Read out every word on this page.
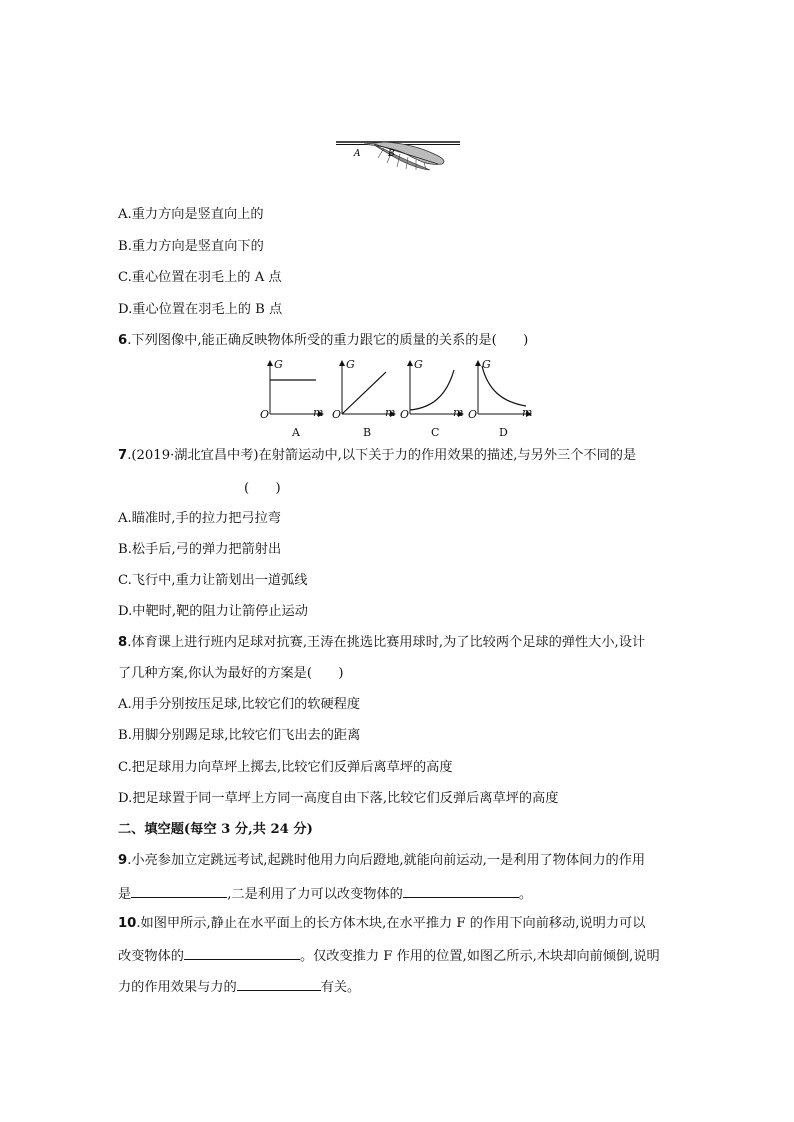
A	B
A.重力方向是竖直向上的
B.重力方向是竖直向下的
C.重心位置在羽毛上的 A 点
D.重心位置在羽毛上的 B 点
6.下列图像中,能正确反映物体所受的重力跟它的质量的关系的是(　　)
G
O	m
A
G
O	m
B
G
O	m
C
G
O	m
D
7.(2019·湖北宜昌中考)在射箭运动中,以下关于力的作用效果的描述,与另外三个不同的是
(　　)
A.瞄准时,手的拉力把弓拉弯
B.松手后,弓的弹力把箭射出
C.飞行中,重力让箭划出一道弧线
D.中靶时,靶的阻力让箭停止运动
8.体育课上进行班内足球对抗赛,王涛在挑选比赛用球时,为了比较两个足球的弹性大小,设计
了几种方案,你认为最好的方案是(　　)
A.用手分别按压足球,比较它们的软硬程度
B.用脚分别踢足球,比较它们飞出去的距离
C.把足球用力向草坪上掷去,比较它们反弹后离草坪的高度
D.把足球置于同一草坪上方同一高度自由下落,比较它们反弹后离草坪的高度
二、填空题(每空 3 分,共 24 分)
9.小亮参加立定跳远考试,起跳时他用力向后蹬地,就能向前运动,一是利用了物体间力的作用
是	,二是利用了力可以改变物体的	。
10.如图甲所示,静止在水平面上的长方体木块,在水平推力 F 的作用下向前移动,说明力可以
改变物体的	。仅改变推力 F 作用的位置,如图乙所示,木块却向前倾倒,说明
力的作用效果与力的	有关。
